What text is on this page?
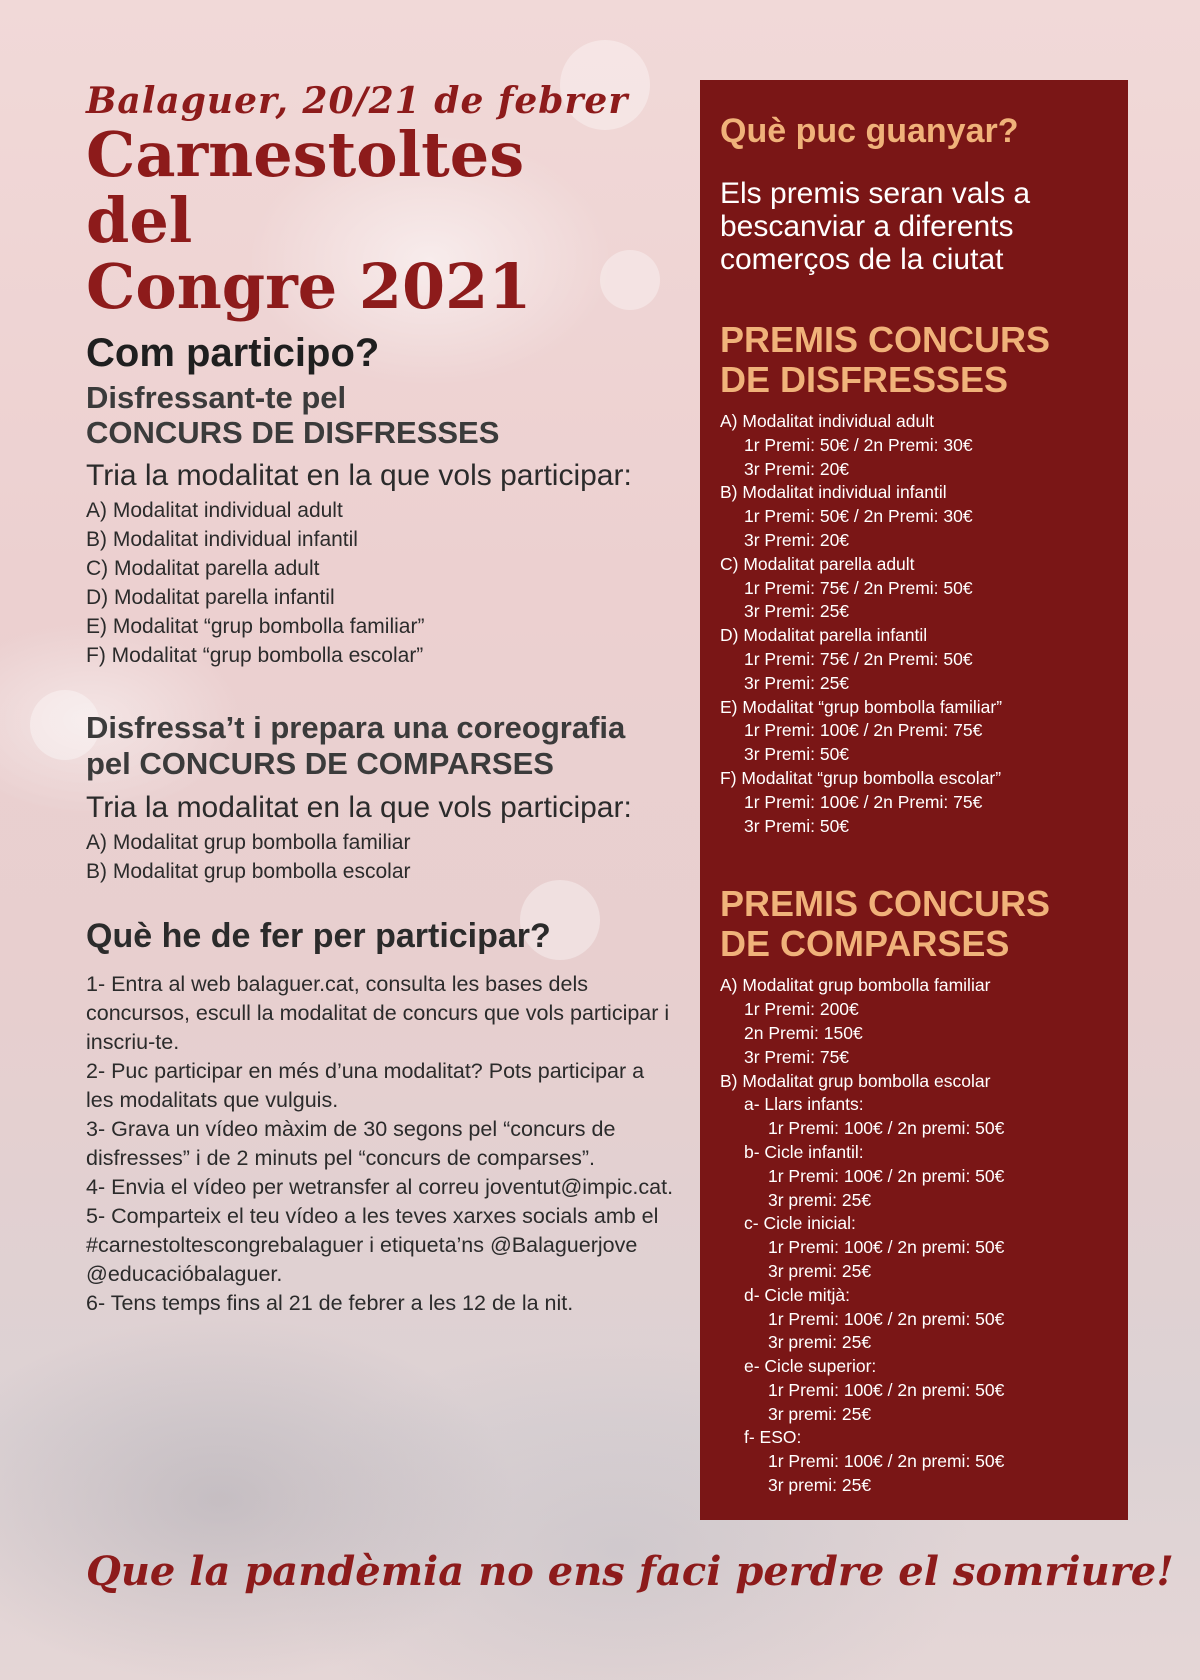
Balaguer, 20/21 de febrer
Carnestoltes del
Congre 2021
Com participo?
Disfressant-te pel
CONCURS DE DISFRESSES
Tria la modalitat en la que vols participar:
A) Modalitat individual adult
B) Modalitat individual infantil
C) Modalitat parella adult
D) Modalitat parella infantil
E) Modalitat “grup bombolla familiar”
F) Modalitat “grup bombolla escolar”
Disfressa’t i prepara una coreografia pel CONCURS DE COMPARSES
Tria la modalitat en la que vols participar:
A) Modalitat grup bombolla familiar
B) Modalitat grup bombolla escolar
Què he de fer per participar?
1- Entra al web balaguer.cat, consulta les bases dels concursos, escull la modalitat de concurs que vols participar i inscriu-te.
2- Puc participar en més d’una modalitat? Pots participar a les modalitats que vulguis.
3- Grava un vídeo màxim de 30 segons pel “concurs de disfresses” i de 2 minuts pel “concurs de comparses”.
4- Envia el vídeo per wetransfer al correu joventut@impic.cat.
5- Comparteix el teu vídeo a les teves xarxes socials amb el #carnestoltescongrebalaguer i etiqueta’ns @Balaguerjove @educacióbalaguer.
6- Tens temps fins al 21 de febrer a les 12 de la nit.
Què puc guanyar?
Els premis seran vals a bescanviar a diferents comerços de la ciutat
PREMIS CONCURS DE DISFRESSES
A) Modalitat individual adult
1r Premi: 50€ / 2n Premi: 30€
3r Premi: 20€
B) Modalitat individual infantil
1r Premi: 50€ / 2n Premi: 30€
3r Premi: 20€
C) Modalitat parella adult
1r Premi: 75€ / 2n Premi: 50€
3r Premi: 25€
D) Modalitat parella infantil
1r Premi: 75€ / 2n Premi: 50€
3r Premi: 25€
E) Modalitat “grup bombolla familiar”
1r Premi: 100€ / 2n Premi: 75€
3r Premi: 50€
F) Modalitat “grup bombolla escolar”
1r Premi: 100€ / 2n Premi: 75€
3r Premi: 50€
PREMIS CONCURS DE COMPARSES
A) Modalitat grup bombolla familiar
1r Premi: 200€
2n Premi: 150€
3r Premi: 75€
B) Modalitat grup bombolla escolar
a- Llars infants:
1r Premi: 100€ / 2n premi: 50€
b- Cicle infantil:
1r Premi: 100€ / 2n premi: 50€
3r premi: 25€
c- Cicle inicial:
1r Premi: 100€ / 2n premi: 50€
3r premi: 25€
d- Cicle mitjà:
1r Premi: 100€ / 2n premi: 50€
3r premi: 25€
e- Cicle superior:
1r Premi: 100€ / 2n premi: 50€
3r premi: 25€
f- ESO:
1r Premi: 100€ / 2n premi: 50€
3r premi: 25€
Que la pandèmia no ens faci perdre el somriure!
